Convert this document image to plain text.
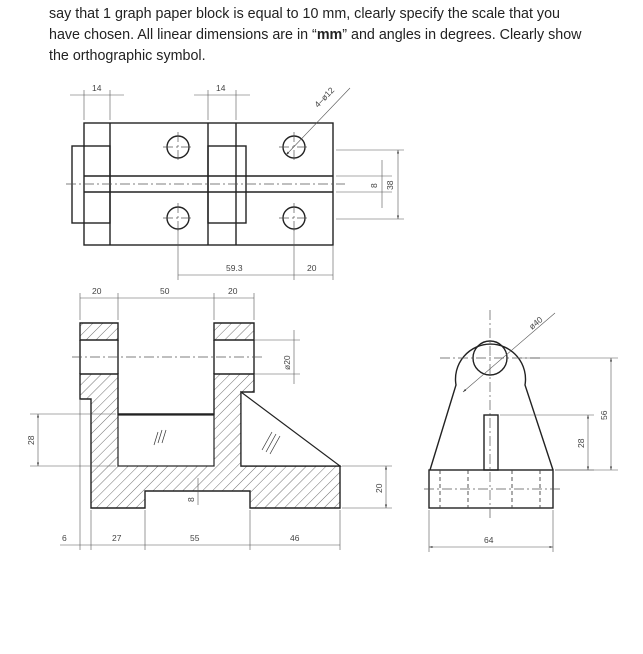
say that 1 graph paper block is equal to 10 mm, clearly specify the scale that you
have chosen. All linear dimensions are in “mm” and angles in degrees. Clearly show
the orthographic symbol.
14	14	4–ø12
8 38
59.3	20
20	50	20
ø20
28
8
20
6	27	55	46
ø40
64
28
56
